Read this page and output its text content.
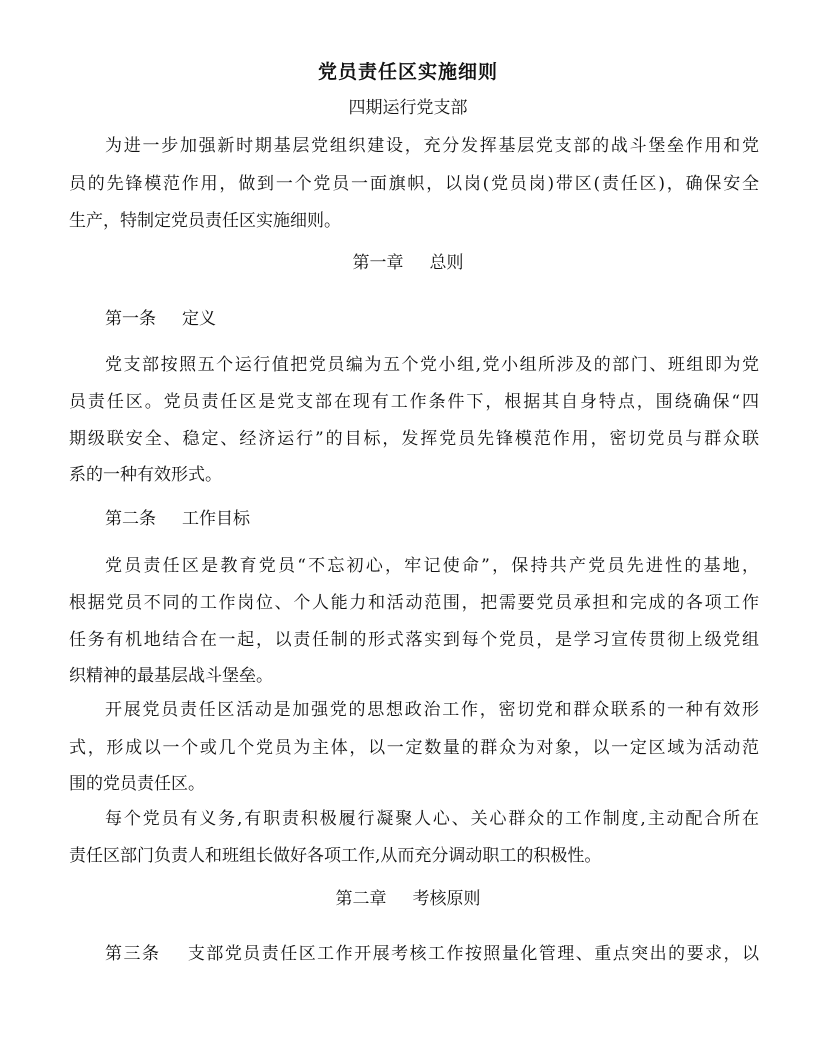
党员责任区实施细则
四期运行党支部
为进一步加强新时期基层党组织建设，充分发挥基层党支部的战斗堡垒作用和党
员的先锋模范作用，做到一个党员一面旗帜，以岗(党员岗)带区(责任区)，确保安全
生产，特制定党员责任区实施细则。
第一章 总则
第一条 定义
党支部按照五个运行值把党员编为五个党小组,党小组所涉及的部门、班组即为党
员责任区。党员责任区是党支部在现有工作条件下，根据其自身特点，围绕确保“四
期级联安全、稳定、经济运行”的目标，发挥党员先锋模范作用，密切党员与群众联
系的一种有效形式。
第二条 工作目标
党员责任区是教育党员“不忘初心，牢记使命”，保持共产党员先进性的基地，
根据党员不同的工作岗位、个人能力和活动范围，把需要党员承担和完成的各项工作
任务有机地结合在一起，以责任制的形式落实到每个党员，是学习宣传贯彻上级党组
织精神的最基层战斗堡垒。
开展党员责任区活动是加强党的思想政治工作，密切党和群众联系的一种有效形
式，形成以一个或几个党员为主体，以一定数量的群众为对象，以一定区域为活动范
围的党员责任区。
每个党员有义务,有职责积极履行凝聚人心、关心群众的工作制度,主动配合所在
责任区部门负责人和班组长做好各项工作,从而充分调动职工的积极性。
第二章 考核原则
第三条 支部党员责任区工作开展考核工作按照量化管理、重点突出的要求，以
